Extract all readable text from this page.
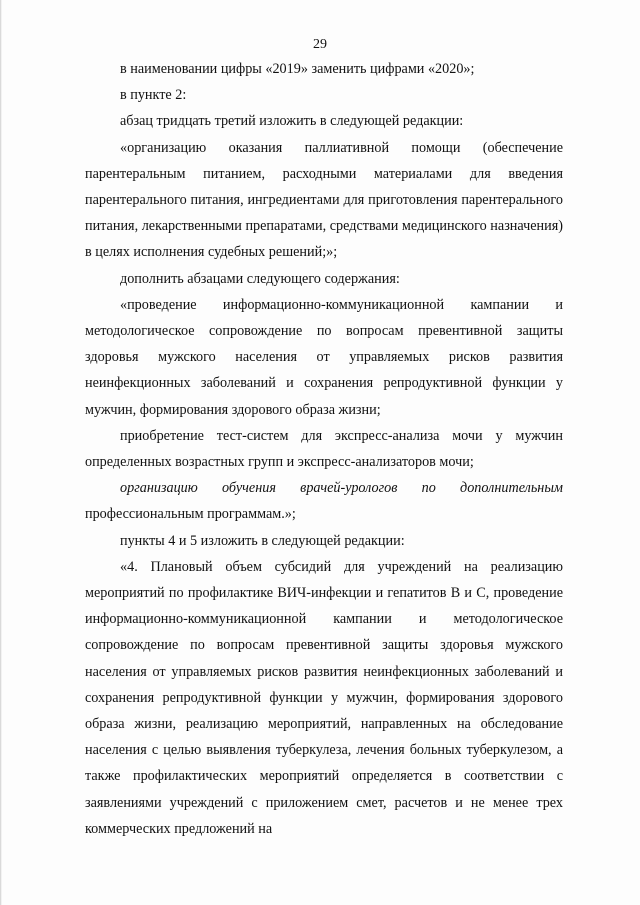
29

в наименовании цифры «2019» заменить цифрами «2020»;

в пункте 2:

абзац тридцать третий изложить в следующей редакции:

«организацию оказания паллиативной помощи (обеспечение парентеральным питанием, расходными материалами для введения парентерального питания, ингредиентами для приготовления парентерального питания, лекарственными препаратами, средствами медицинского назначения) в целях исполнения судебных решений;»;

дополнить абзацами следующего содержания:

«проведение информационно-коммуникационной кампании и методологическое сопровождение по вопросам превентивной защиты здоровья мужского населения от управляемых рисков развития неинфекционных заболеваний и сохранения репродуктивной функции у мужчин, формирования здорового образа жизни;

приобретение тест-систем для экспресс-анализа мочи у мужчин определенных возрастных групп и экспресс-анализаторов мочи;

организацию обучения врачей-урологов по дополнительным профессиональным программам.»;

пункты 4 и 5 изложить в следующей редакции:

«4. Плановый объем субсидий для учреждений на реализацию мероприятий по профилактике ВИЧ-инфекции и гепатитов В и С, проведение информационно-коммуникационной кампании и методологическое сопровождение по вопросам превентивной защиты здоровья мужского населения от управляемых рисков развития неинфекционных заболеваний и сохранения репродуктивной функции у мужчин, формирования здорового образа жизни, реализацию мероприятий, направленных на обследование населения с целью выявления туберкулеза, лечения больных туберкулезом, а также профилактических мероприятий определяется в соответствии с заявлениями учреждений с приложением смет, расчетов и не менее трех коммерческих предложений на
